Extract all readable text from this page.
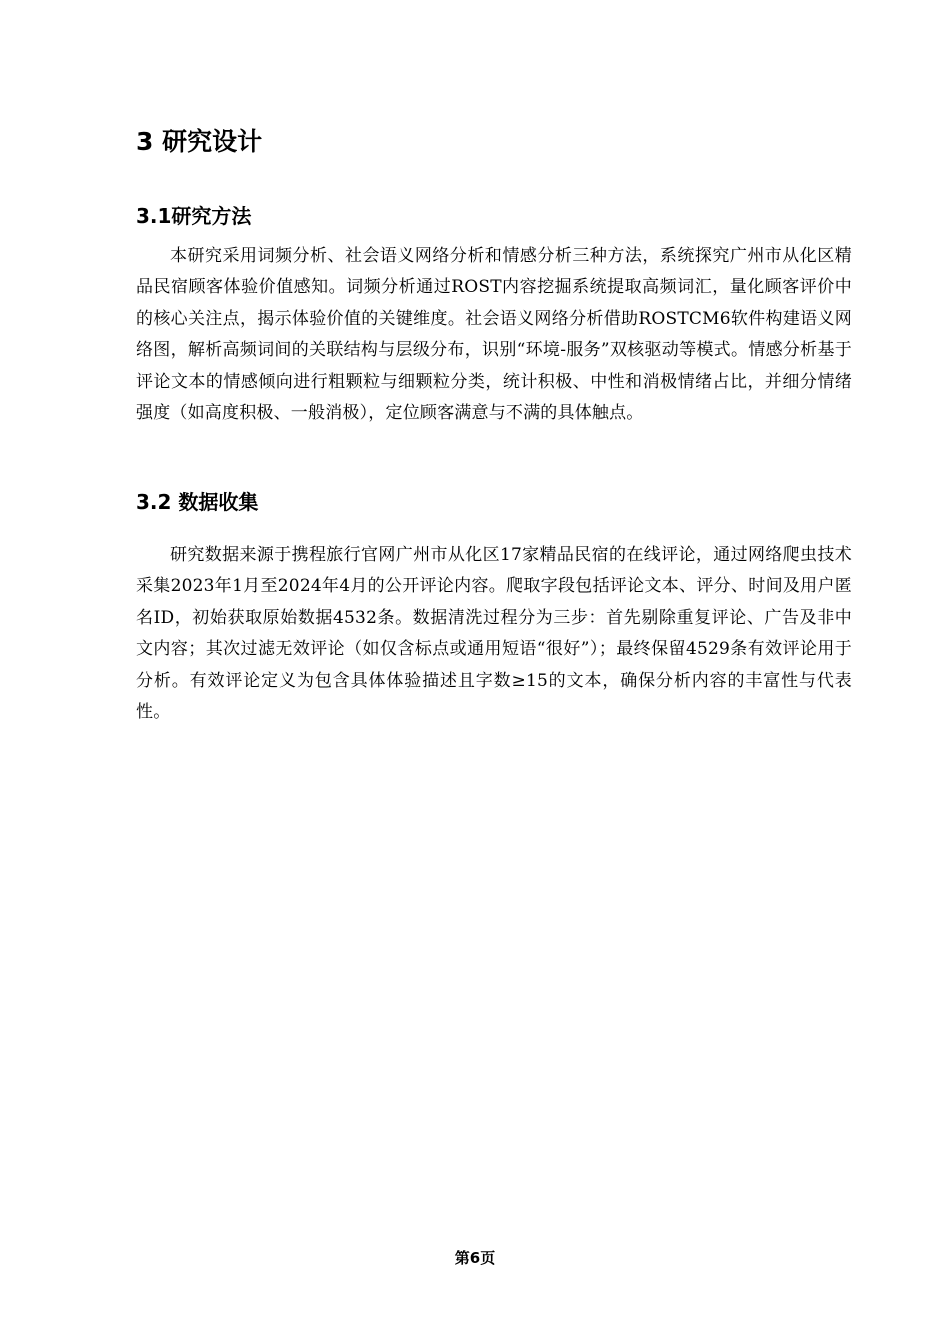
3 研究设计
3.1研究方法

本研究采用词频分析、社会语义网络分析和情感分析三种方法，系统探究广州市从化区精品民宿顾客体验价值感知。词频分析通过ROST内容挖掘系统提取高频词汇，量化顾客评价中的核心关注点，揭示体验价值的关键维度。社会语义网络分析借助ROSTCM6软件构建语义网络图，解析高频词间的关联结构与层级分布，识别“环境-服务”双核驱动等模式。情感分析基于评论文本的情感倾向进行粗颗粒与细颗粒分类，统计积极、中性和消极情绪占比，并细分情绪强度（如高度积极、一般消极），定位顾客满意与不满的具体触点。

3.2 数据收集

研究数据来源于携程旅行官网广州市从化区17家精品民宿的在线评论，通过网络爬虫技术采集2023年1月至2024年4月的公开评论内容。爬取字段包括评论文本、评分、时间及用户匿名ID，初始获取原始数据4532条。数据清洗过程分为三步：首先剔除重复评论、广告及非中文内容；其次过滤无效评论（如仅含标点或通用短语“很好”）；最终保留4529条有效评论用于分析。有效评论定义为包含具体体验描述且字数≥15的文本，确保分析内容的丰富性与代表性。

第6页
